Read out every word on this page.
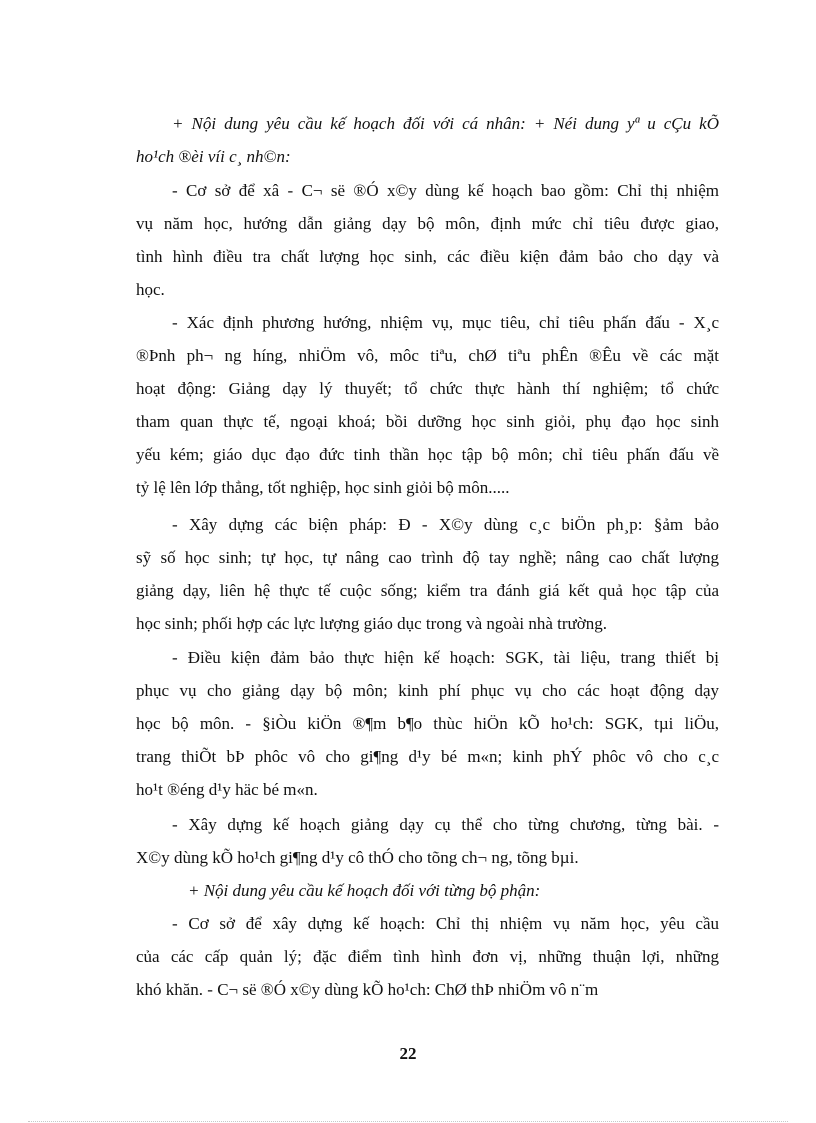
+ Nội dung yêu cầu kế hoạch đối với cá nhân: + Néi dung yª u cÇu kÕ
ho¹ch ®èi víi c¸ nh©n:
- Cơ sở để xâ - C¬ së ®Ó x©y dùng kế hoạch bao gồm: Chỉ thị nhiệm
vụ năm học, hướng dẫn giảng dạy bộ môn, định mức chỉ tiêu được giao,
tình hình điều tra chất lượng học sinh, các điều kiện đảm bảo cho dạy và
học.
- Xác định phương hướng, nhiệm vụ, mục tiêu, chỉ tiêu phấn đấu - X¸c
®Þnh ph¬ ng híng, nhiÖm vô, môc tiªu, chØ tiªu phÊn ®Êu về các mặt
hoạt động: Giảng dạy lý thuyết; tổ chức thực hành thí nghiệm; tổ chức
tham quan thực tế, ngoại khoá; bồi dưỡng học sinh giỏi, phụ đạo học sinh
yếu kém; giáo dục đạo đức tinh thần học tập bộ môn; chỉ tiêu phấn đấu về
tỷ lệ lên lớp thẳng, tốt nghiệp, học sinh giỏi bộ môn.....
- Xây dựng các biện pháp: Đ - X©y dùng c¸c biÖn ph¸p: §ảm bảo
sỹ số học sinh; tự học, tự nâng cao trình độ tay nghề; nâng cao chất lượng
giảng dạy, liên hệ thực tế cuộc sống; kiểm tra đánh giá kết quả học tập của
học sinh; phối hợp các lực lượng giáo dục trong và ngoài nhà trường.
- Điều kiện đảm bảo thực hiện kế hoạch: SGK, tài liệu, trang thiết bị
phục vụ cho giảng dạy bộ môn; kinh phí phục vụ cho các hoạt động dạy
học bộ môn. - §iÒu kiÖn ®¶m b¶o thùc hiÖn kÕ ho¹ch: SGK, tµi liÖu,
trang thiÕt bÞ phôc vô cho gi¶ng d¹y bé m«n; kinh phÝ phôc vô cho c¸c
ho¹t ®éng d¹y häc bé m«n.
- Xây dựng kế hoạch giảng dạy cụ thể cho từng chương, từng bài. -
X©y dùng kÕ ho¹ch gi¶ng d¹y cô thÓ cho tõng ch¬ ng, tõng bµi.
+ Nội dung yêu cầu kế hoạch đối với từng bộ phận:
- Cơ sở để xây dựng kế hoạch: Chỉ thị nhiệm vụ năm học, yêu cầu
của các cấp quản lý; đặc điểm tình hình đơn vị, những thuận lợi, những
khó khăn. - C¬ së ®Ó x©y dùng kÕ ho¹ch: ChØ thÞ nhiÖm vô n¨m
22
